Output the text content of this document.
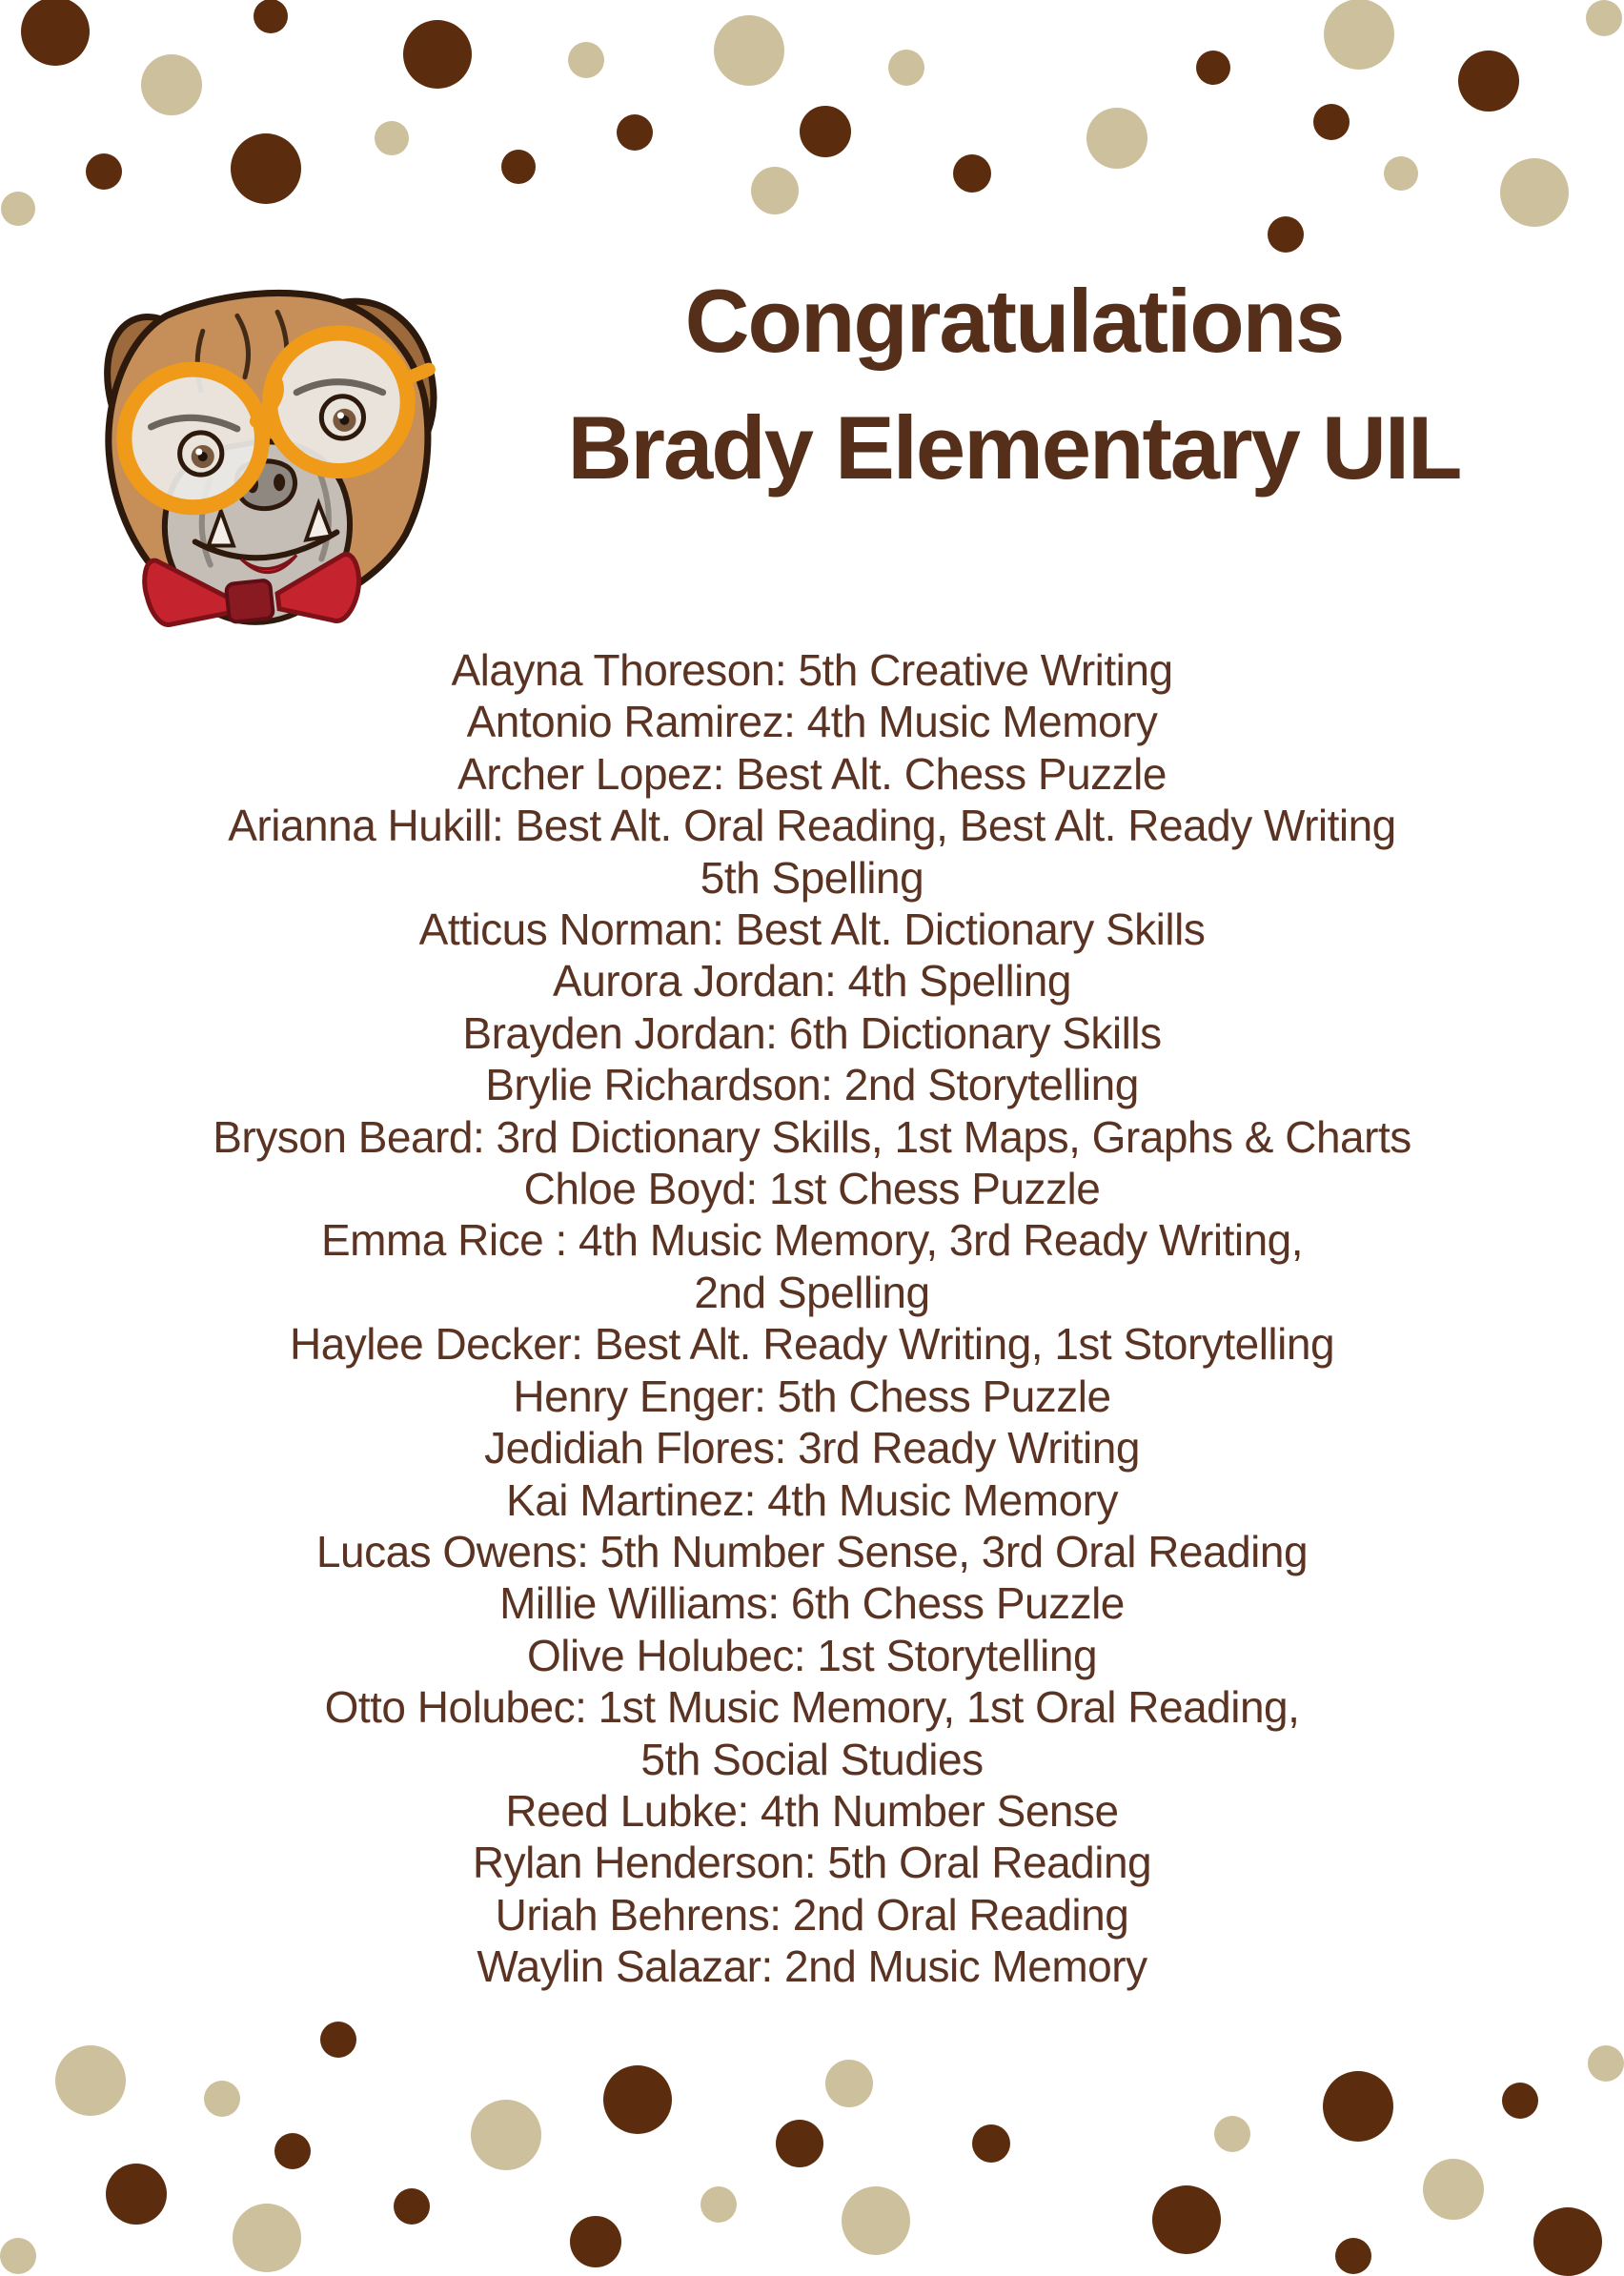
Congratulations
Brady Elementary UIL
Alayna Thoreson: 5th Creative Writing
Antonio Ramirez: 4th Music Memory
Archer Lopez: Best Alt. Chess Puzzle
Arianna Hukill: Best Alt. Oral Reading, Best Alt. Ready Writing
5th Spelling
Atticus Norman: Best Alt. Dictionary Skills
Aurora Jordan: 4th Spelling
Brayden Jordan: 6th Dictionary Skills
Brylie Richardson: 2nd Storytelling
Bryson Beard: 3rd Dictionary Skills, 1st Maps, Graphs & Charts
Chloe Boyd: 1st Chess Puzzle
Emma Rice : 4th Music Memory, 3rd Ready Writing,
2nd Spelling
Haylee Decker: Best Alt. Ready Writing, 1st Storytelling
Henry Enger: 5th Chess Puzzle
Jedidiah Flores: 3rd Ready Writing
Kai Martinez: 4th Music Memory
Lucas Owens: 5th Number Sense, 3rd Oral Reading
Millie Williams: 6th Chess Puzzle
Olive Holubec: 1st Storytelling
Otto Holubec: 1st Music Memory, 1st Oral Reading,
5th Social Studies
Reed Lubke: 4th Number Sense
Rylan Henderson: 5th Oral Reading
Uriah Behrens: 2nd Oral Reading
Waylin Salazar: 2nd Music Memory
